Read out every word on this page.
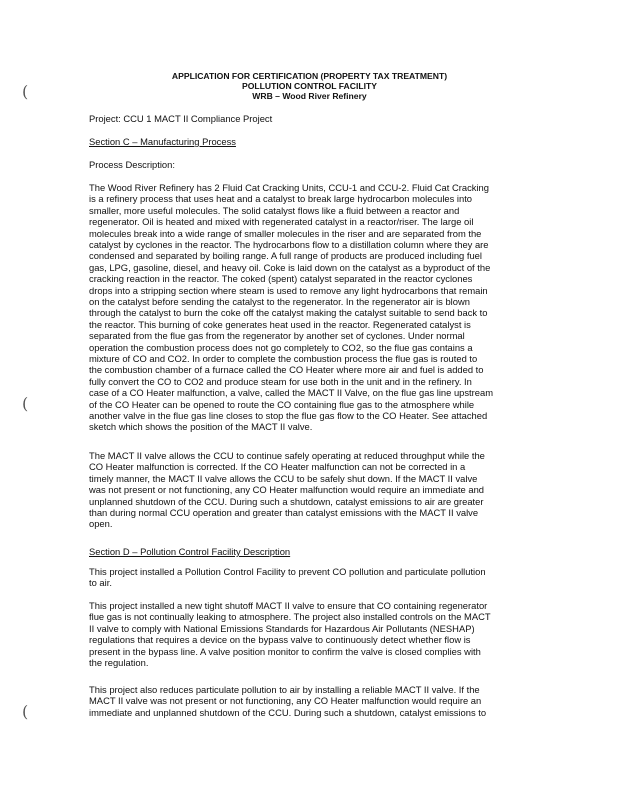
(
(
(
APPLICATION FOR CERTIFICATION (PROPERTY TAX TREATMENT)
POLLUTION CONTROL FACILITY
WRB – Wood River Refinery
Project: CCU 1 MACT II Compliance Project
Section C – Manufacturing Process
Process Description:
The Wood River Refinery has 2 Fluid Cat Cracking Units, CCU-1 and CCU-2. Fluid Cat Cracking
is a refinery process that uses heat and a catalyst to break large hydrocarbon molecules into
smaller, more useful molecules. The solid catalyst flows like a fluid between a reactor and
regenerator. Oil is heated and mixed with regenerated catalyst in a reactor/riser. The large oil
molecules break into a wide range of smaller molecules in the riser and are separated from the
catalyst by cyclones in the reactor. The hydrocarbons flow to a distillation column where they are
condensed and separated by boiling range. A full range of products are produced including fuel
gas, LPG, gasoline, diesel, and heavy oil. Coke is laid down on the catalyst as a byproduct of the
cracking reaction in the reactor. The coked (spent) catalyst separated in the reactor cyclones
drops into a stripping section where steam is used to remove any light hydrocarbons that remain
on the catalyst before sending the catalyst to the regenerator. In the regenerator air is blown
through the catalyst to burn the coke off the catalyst making the catalyst suitable to send back to
the reactor. This burning of coke generates heat used in the reactor. Regenerated catalyst is
separated from the flue gas from the regenerator by another set of cyclones. Under normal
operation the combustion process does not go completely to CO2, so the flue gas contains a
mixture of CO and CO2. In order to complete the combustion process the flue gas is routed to
the combustion chamber of a furnace called the CO Heater where more air and fuel is added to
fully convert the CO to CO2 and produce steam for use both in the unit and in the refinery. In
case of a CO Heater malfunction, a valve, called the MACT II Valve, on the flue gas line upstream
of the CO Heater can be opened to route the CO containing flue gas to the atmosphere while
another valve in the flue gas line closes to stop the flue gas flow to the CO Heater. See attached
sketch which shows the position of the MACT II valve.
The MACT II valve allows the CCU to continue safely operating at reduced throughput while the
CO Heater malfunction is corrected. If the CO Heater malfunction can not be corrected in a
timely manner, the MACT II valve allows the CCU to be safely shut down. If the MACT II valve
was not present or not functioning, any CO Heater malfunction would require an immediate and
unplanned shutdown of the CCU. During such a shutdown, catalyst emissions to air are greater
than during normal CCU operation and greater than catalyst emissions with the MACT II valve
open.
Section D – Pollution Control Facility Description
This project installed a Pollution Control Facility to prevent CO pollution and particulate pollution
to air.
This project installed a new tight shutoff MACT II valve to ensure that CO containing regenerator
flue gas is not continually leaking to atmosphere. The project also installed controls on the MACT
II valve to comply with National Emissions Standards for Hazardous Air Pollutants (NESHAP)
regulations that requires a device on the bypass valve to continuously detect whether flow is
present in the bypass line. A valve position monitor to confirm the valve is closed complies with
the regulation.
This project also reduces particulate pollution to air by installing a reliable MACT II valve. If the
MACT II valve was not present or not functioning, any CO Heater malfunction would require an
immediate and unplanned shutdown of the CCU. During such a shutdown, catalyst emissions to
